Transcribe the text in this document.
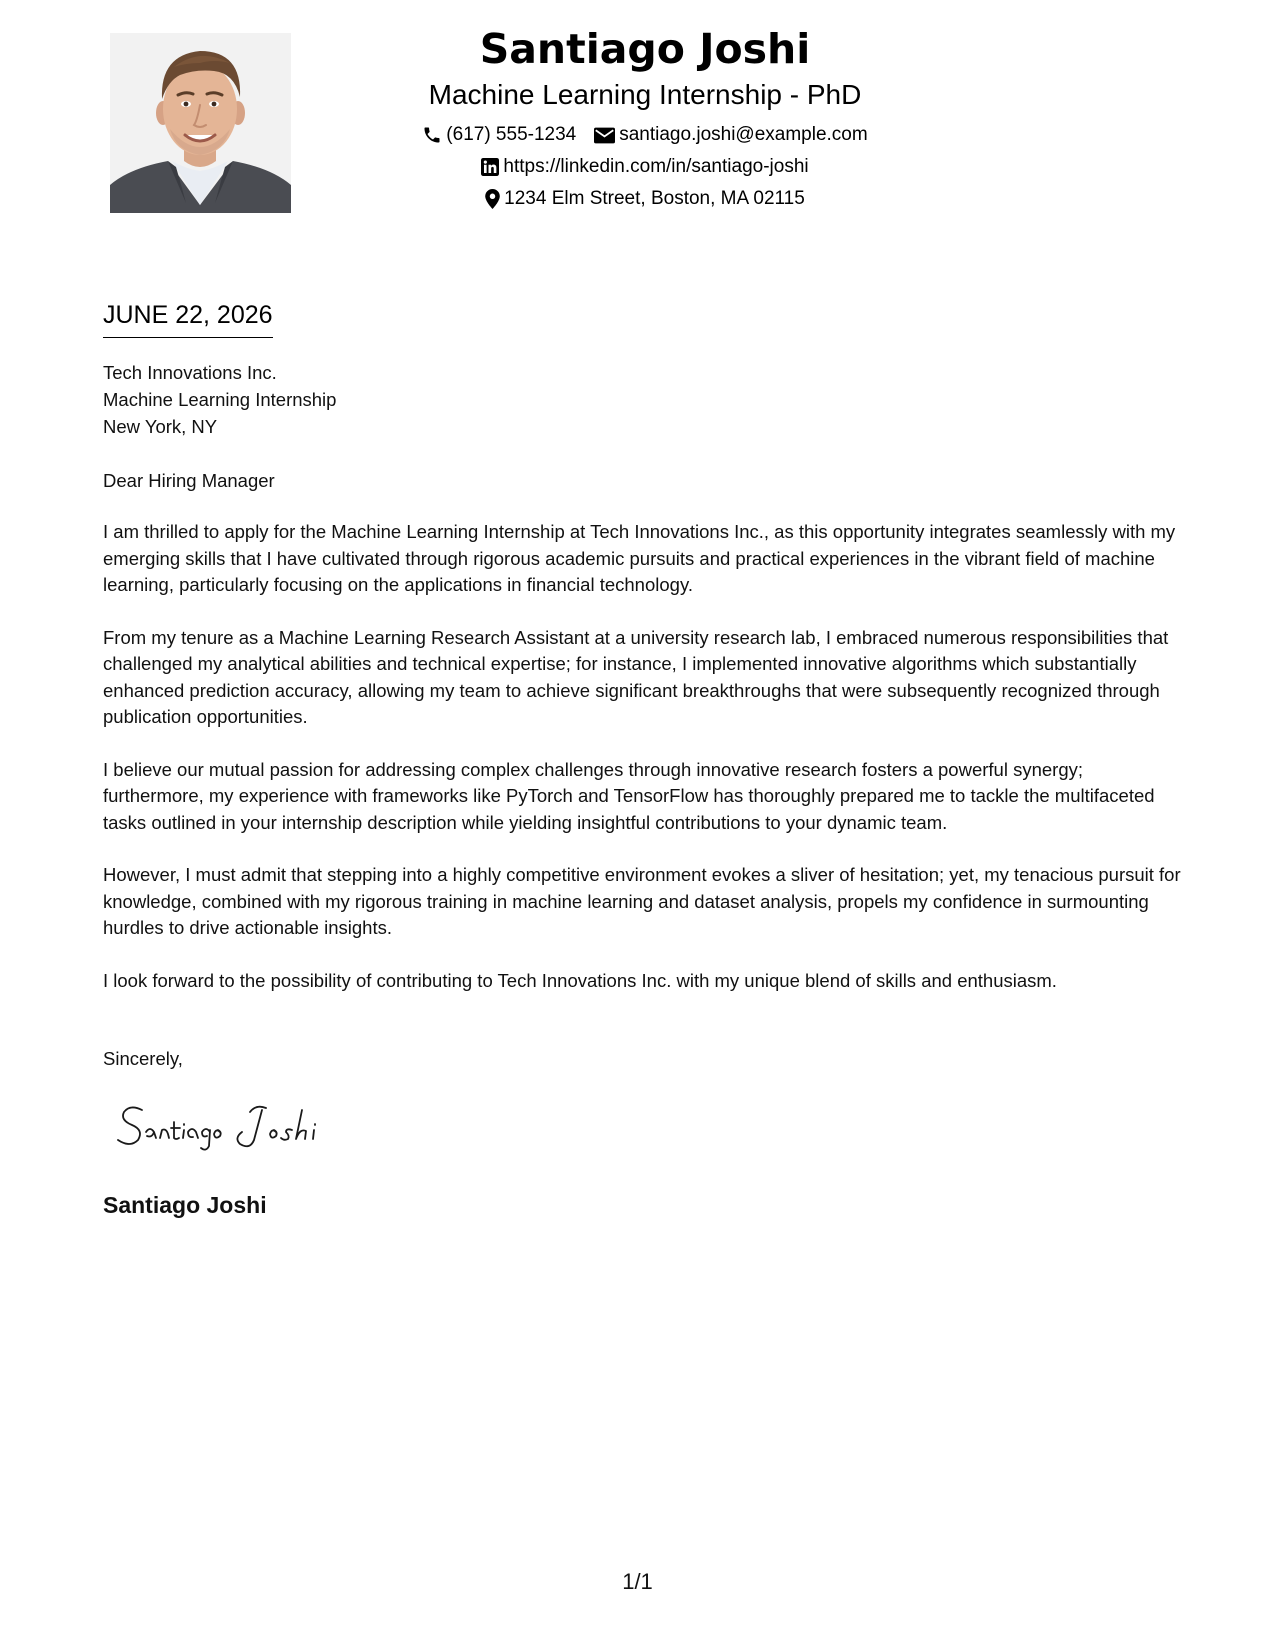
Santiago Joshi
Machine Learning Internship - PhD
(617) 555-1234 santiago.joshi@example.com
https://linkedin.com/in/santiago-joshi
1234 Elm Street, Boston, MA 02115
JUNE 22, 2026
Tech Innovations Inc.
Machine Learning Internship
New York, NY
Dear Hiring Manager

I am thrilled to apply for the Machine Learning Internship at Tech Innovations Inc., as this opportunity integrates seamlessly with my emerging skills that I have cultivated through rigorous academic pursuits and practical experiences in the vibrant field of machine learning, particularly focusing on the applications in financial technology.

From my tenure as a Machine Learning Research Assistant at a university research lab, I embraced numerous responsibilities that challenged my analytical abilities and technical expertise; for instance, I implemented innovative algorithms which substantially enhanced prediction accuracy, allowing my team to achieve significant breakthroughs that were subsequently recognized through publication opportunities.

I believe our mutual passion for addressing complex challenges through innovative research fosters a powerful synergy; furthermore, my experience with frameworks like PyTorch and TensorFlow has thoroughly prepared me to tackle the multifaceted tasks outlined in your internship description while yielding insightful contributions to your dynamic team.

However, I must admit that stepping into a highly competitive environment evokes a sliver of hesitation; yet, my tenacious pursuit for knowledge, combined with my rigorous training in machine learning and dataset analysis, propels my confidence in surmounting hurdles to drive actionable insights.

I look forward to the possibility of contributing to Tech Innovations Inc. with my unique blend of skills and enthusiasm.

Sincerely,
Santiago Joshi
1/1
